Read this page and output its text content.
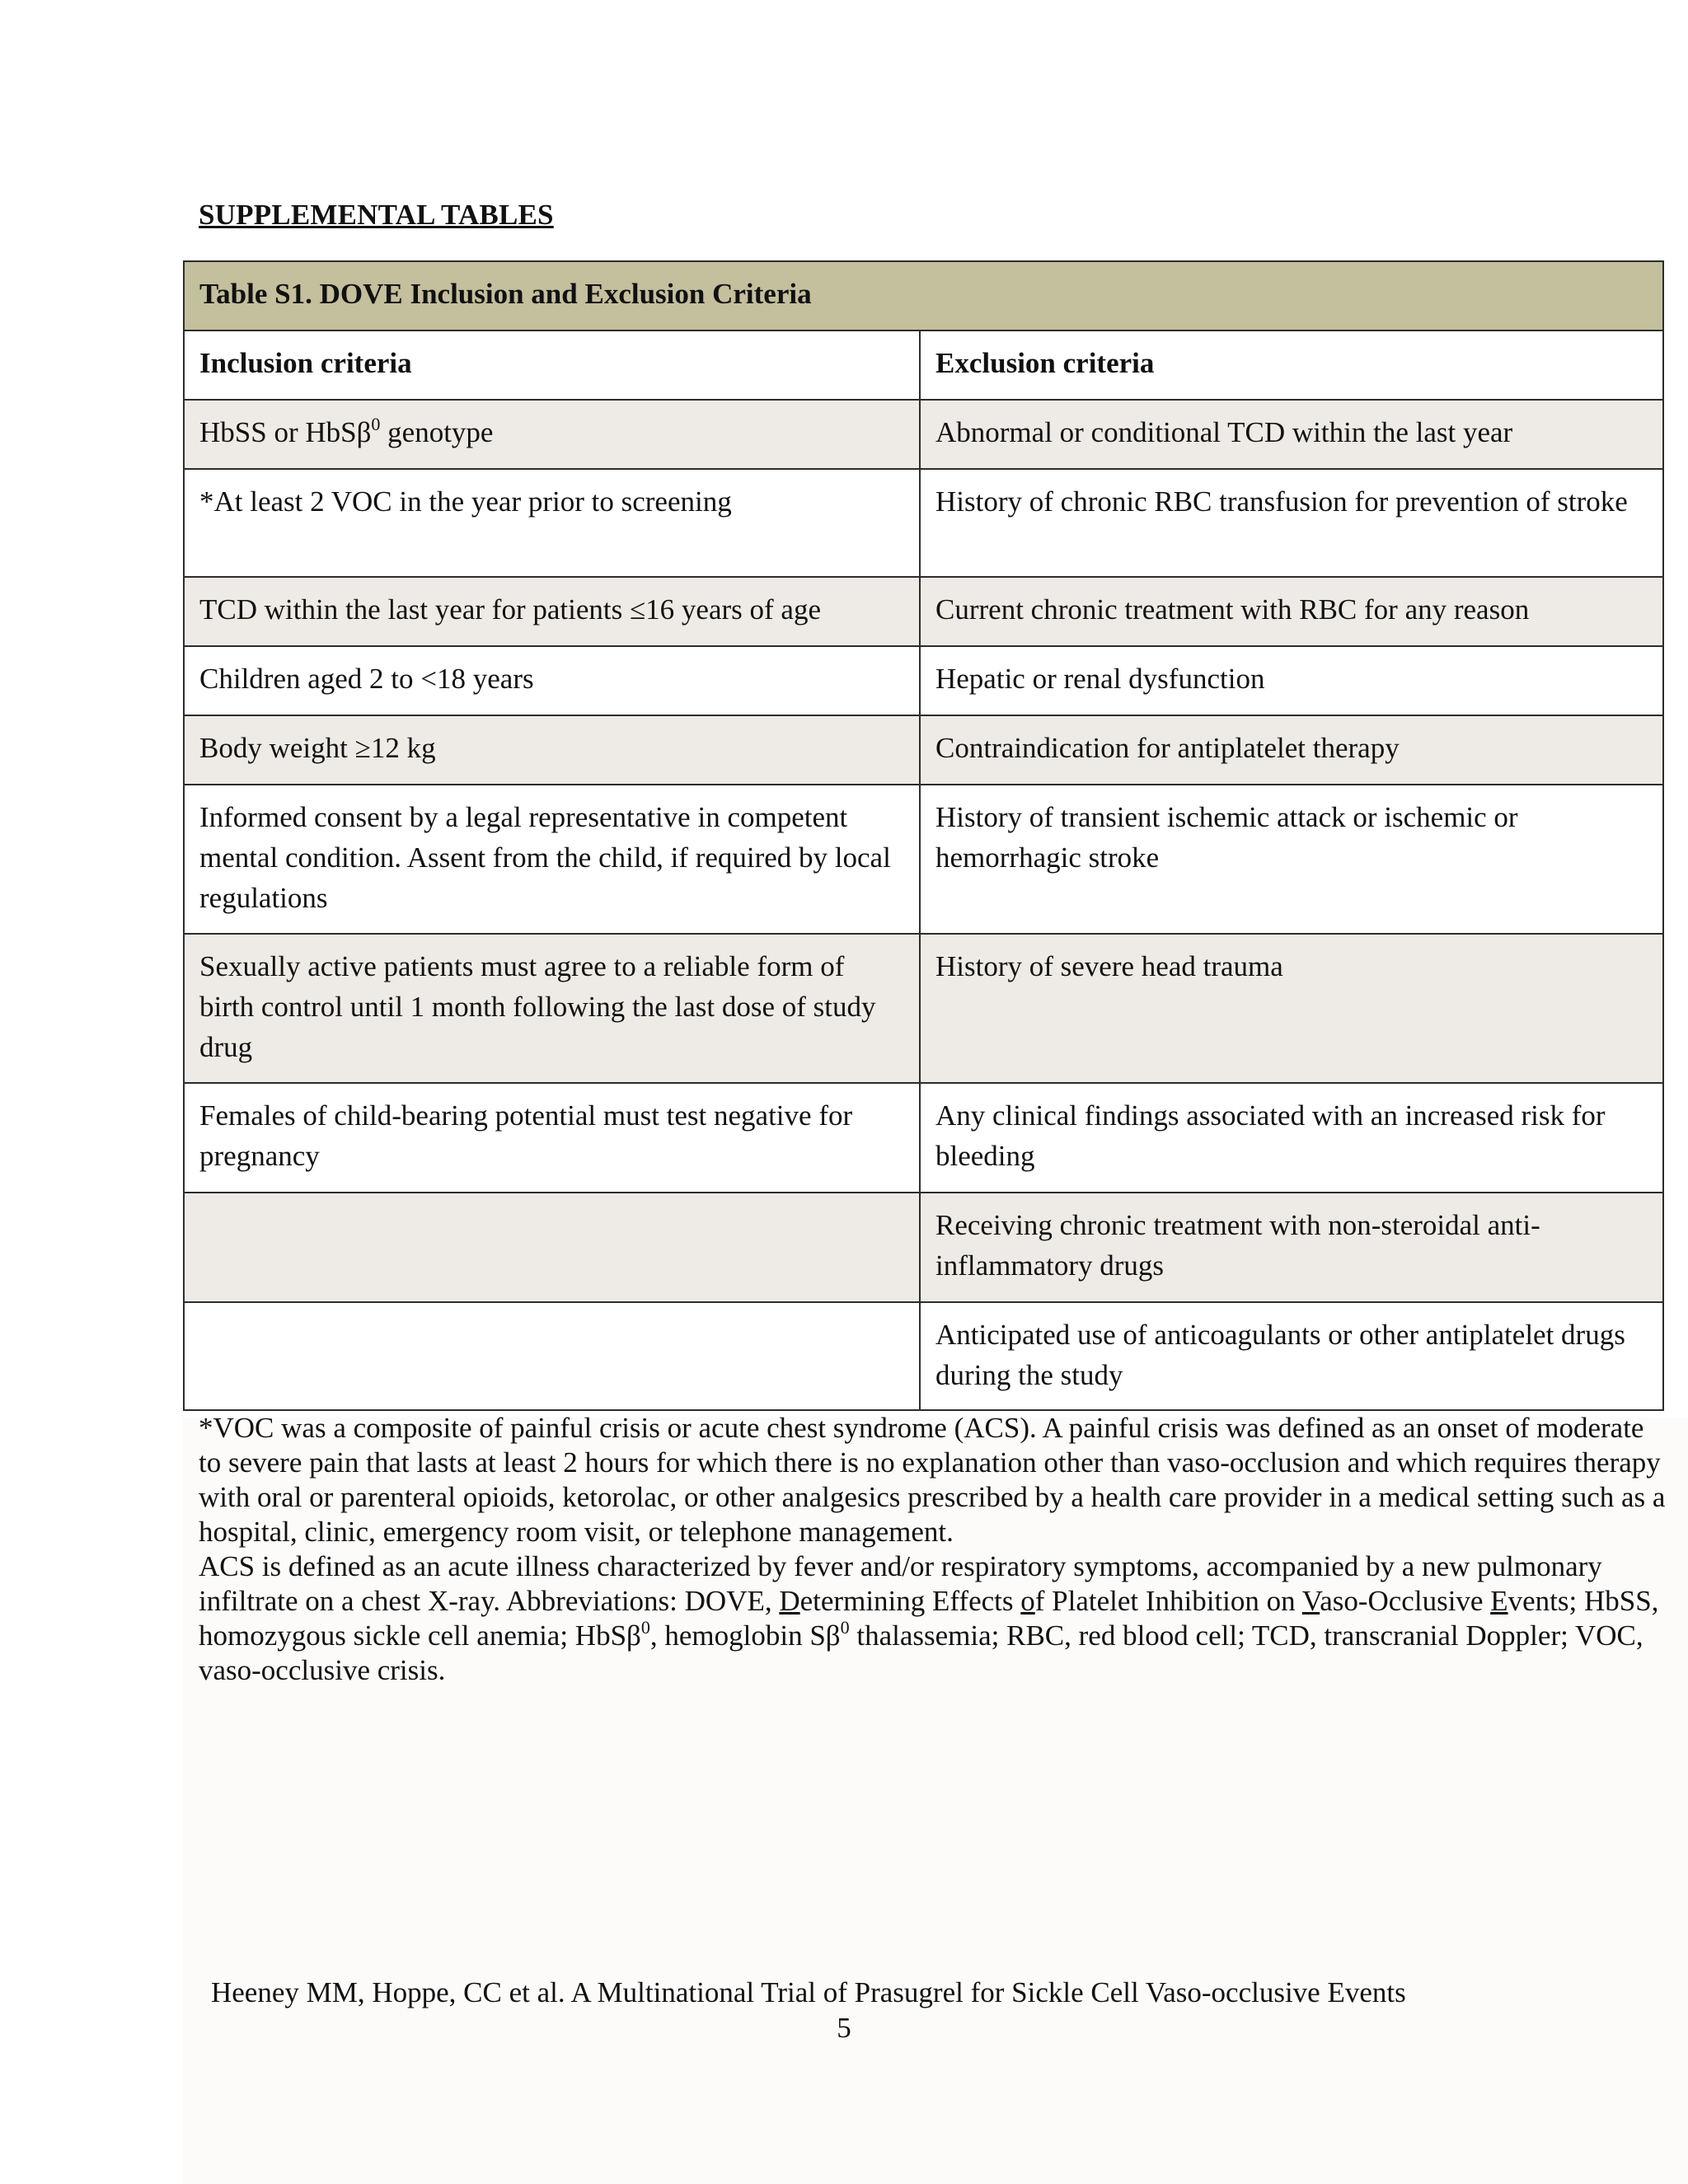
SUPPLEMENTAL TABLES
Table S1. DOVE Inclusion and Exclusion Criteria	
Inclusion criteria	Exclusion criteria
HbSS or HbSβ$^0$ genotype	Abnormal or conditional TCD within the last year
*At least 2 VOC in the year prior to screening	History of chronic RBC transfusion for prevention of stroke
TCD within the last year for patients ≤16 years of age	Current chronic treatment with RBC for any reason
Children aged 2 to <18 years	Hepatic or renal dysfunction
Body weight ≥12 kg	Contraindication for antiplatelet therapy
Informed consent by a legal representative in competent mental condition. Assent from the child, if required by local regulations	History of transient ischemic attack or ischemic or hemorrhagic stroke
Sexually active patients must agree to a reliable form of birth control until 1 month following the last dose of study drug	History of severe head trauma
Females of child-bearing potential must test negative for pregnancy	Any clinical findings associated with an increased risk for bleeding
	Receiving chronic treatment with non-steroidal anti-inflammatory drugs
	Anticipated use of anticoagulants or other antiplatelet drugs during the study

*VOC was a composite of painful crisis or acute chest syndrome (ACS). A painful crisis was defined as an onset of moderate to severe pain that lasts at least 2 hours for which there is no explanation other than vaso-occlusion and which requires therapy with oral or parenteral opioids, ketorolac, or other analgesics prescribed by a health care provider in a medical setting such as a hospital, clinic, emergency room visit, or telephone management.

ACS is defined as an acute illness characterized by fever and/or respiratory symptoms, accompanied by a new pulmonary infiltrate on a chest X-ray. Abbreviations: DOVE, Determining Effects of Platelet Inhibition on Vaso-Occlusive Events; HbSS, homozygous sickle cell anemia; HbSβ$^0$, hemoglobin $S\beta^0$ thalassemia; RBC, red blood cell; TCD, transcranial Doppler; VOC, vaso-occlusive crisis.

Heeney MM, Hoppe, CC et al. A Multinational Trial of Prasugrel for Sickle Cell Vaso-occlusive Events
5
